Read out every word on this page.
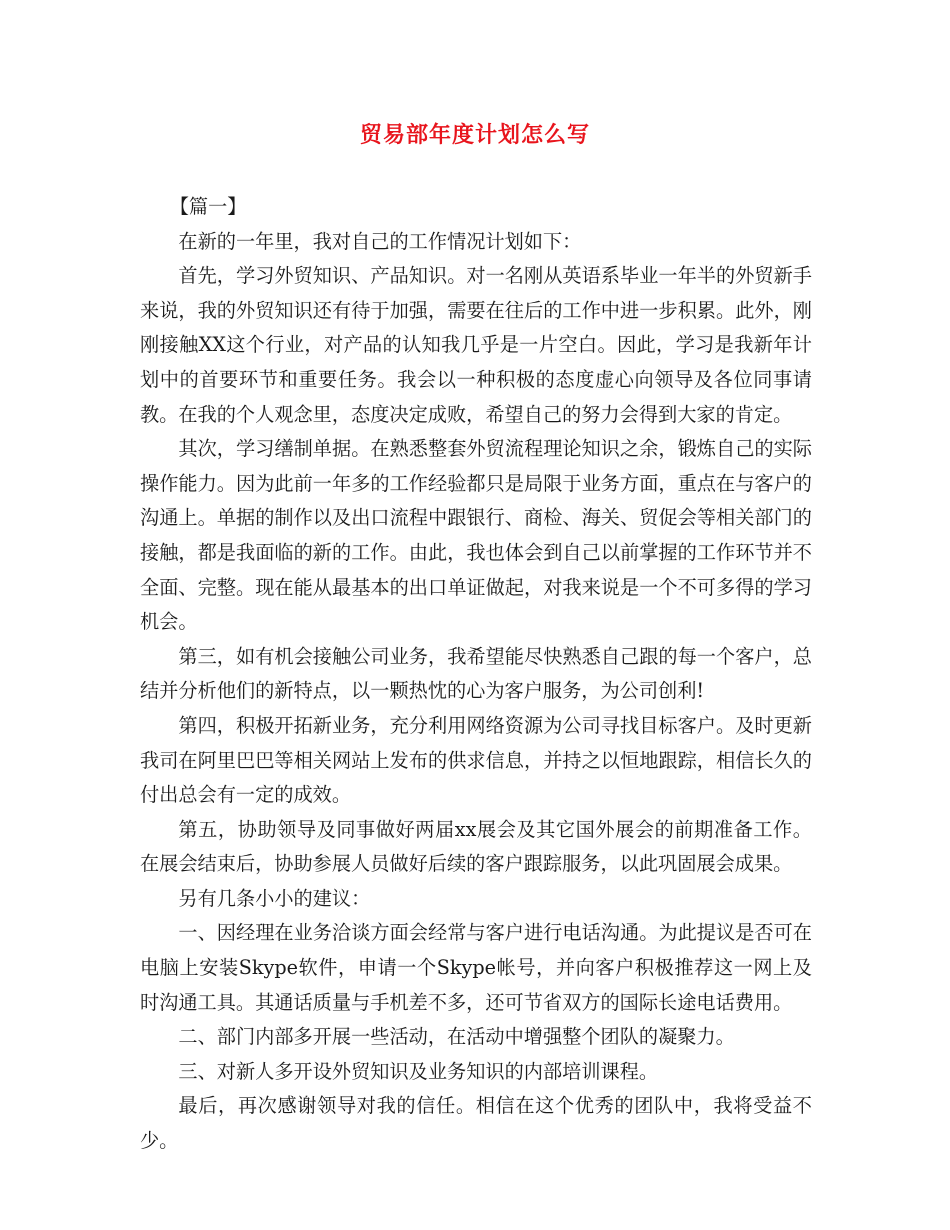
贸易部年度计划怎么写

【篇一】

在新的一年里，我对自己的工作情况计划如下：

首先，学习外贸知识、产品知识。对一名刚从英语系毕业一年半的外贸新手来说，我的外贸知识还有待于加强，需要在往后的工作中进一步积累。此外，刚刚接触XX这个行业，对产品的认知我几乎是一片空白。因此，学习是我新年计划中的首要环节和重要任务。我会以一种积极的态度虚心向领导及各位同事请教。在我的个人观念里，态度决定成败，希望自己的努力会得到大家的肯定。

其次，学习缮制单据。在熟悉整套外贸流程理论知识之余，锻炼自己的实际操作能力。因为此前一年多的工作经验都只是局限于业务方面，重点在与客户的沟通上。单据的制作以及出口流程中跟银行、商检、海关、贸促会等相关部门的接触，都是我面临的新的工作。由此，我也体会到自己以前掌握的工作环节并不全面、完整。现在能从最基本的出口单证做起，对我来说是一个不可多得的学习机会。

第三，如有机会接触公司业务，我希望能尽快熟悉自己跟的每一个客户，总结并分析他们的新特点，以一颗热忱的心为客户服务，为公司创利!

第四，积极开拓新业务，充分利用网络资源为公司寻找目标客户。及时更新我司在阿里巴巴等相关网站上发布的供求信息，并持之以恒地跟踪，相信长久的付出总会有一定的成效。

第五，协助领导及同事做好两届xx展会及其它国外展会的前期准备工作。在展会结束后，协助参展人员做好后续的客户跟踪服务，以此巩固展会成果。

另有几条小小的建议：

一、因经理在业务洽谈方面会经常与客户进行电话沟通。为此提议是否可在电脑上安装Skype软件，申请一个Skype帐号，并向客户积极推荐这一网上及时沟通工具。其通话质量与手机差不多，还可节省双方的国际长途电话费用。

二、部门内部多开展一些活动，在活动中增强整个团队的凝聚力。

三、对新人多开设外贸知识及业务知识的内部培训课程。

最后，再次感谢领导对我的信任。相信在这个优秀的团队中，我将受益不少。
